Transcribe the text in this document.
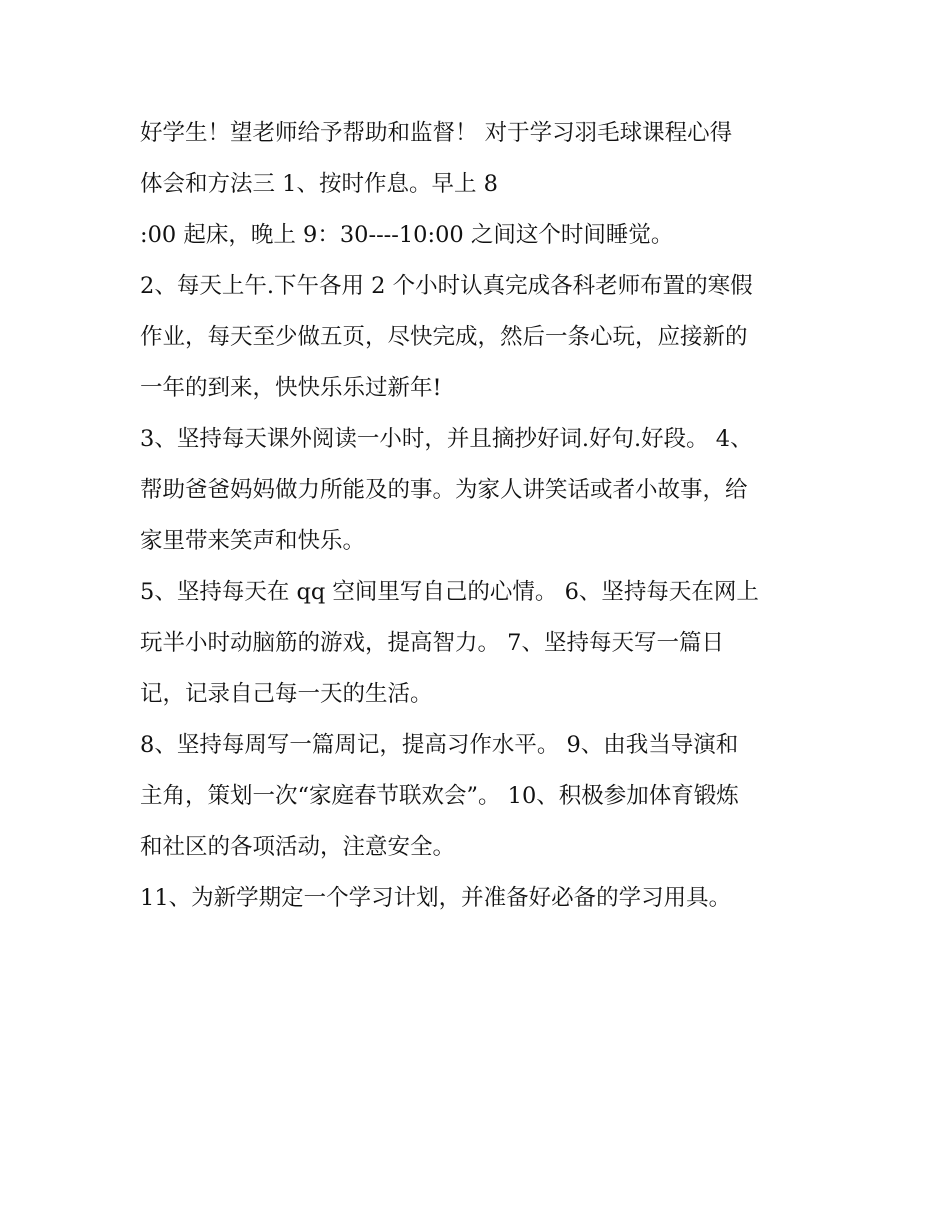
好学生！望老师给予帮助和监督！ 对于学习羽毛球课程心得

体会和方法三 1、按时作息。早上 8

:00 起床，晚上 9：30----10:00 之间这个时间睡觉。

2、每天上午.下午各用 2 个小时认真完成各科老师布置的寒假

作业，每天至少做五页，尽快完成，然后一条心玩，应接新的

一年的到来，快快乐乐过新年!

3、坚持每天课外阅读一小时，并且摘抄好词.好句.好段。 4、

帮助爸爸妈妈做力所能及的事。为家人讲笑话或者小故事，给

家里带来笑声和快乐。

5、坚持每天在 qq 空间里写自己的心情。 6、坚持每天在网上

玩半小时动脑筋的游戏，提高智力。 7、坚持每天写一篇日

记，记录自己每一天的生活。

8、坚持每周写一篇周记，提高习作水平。 9、由我当导演和

主角，策划一次“家庭春节联欢会”。 10、积极参加体育锻炼

和社区的各项活动，注意安全。

11、为新学期定一个学习计划，并准备好必备的学习用具。
